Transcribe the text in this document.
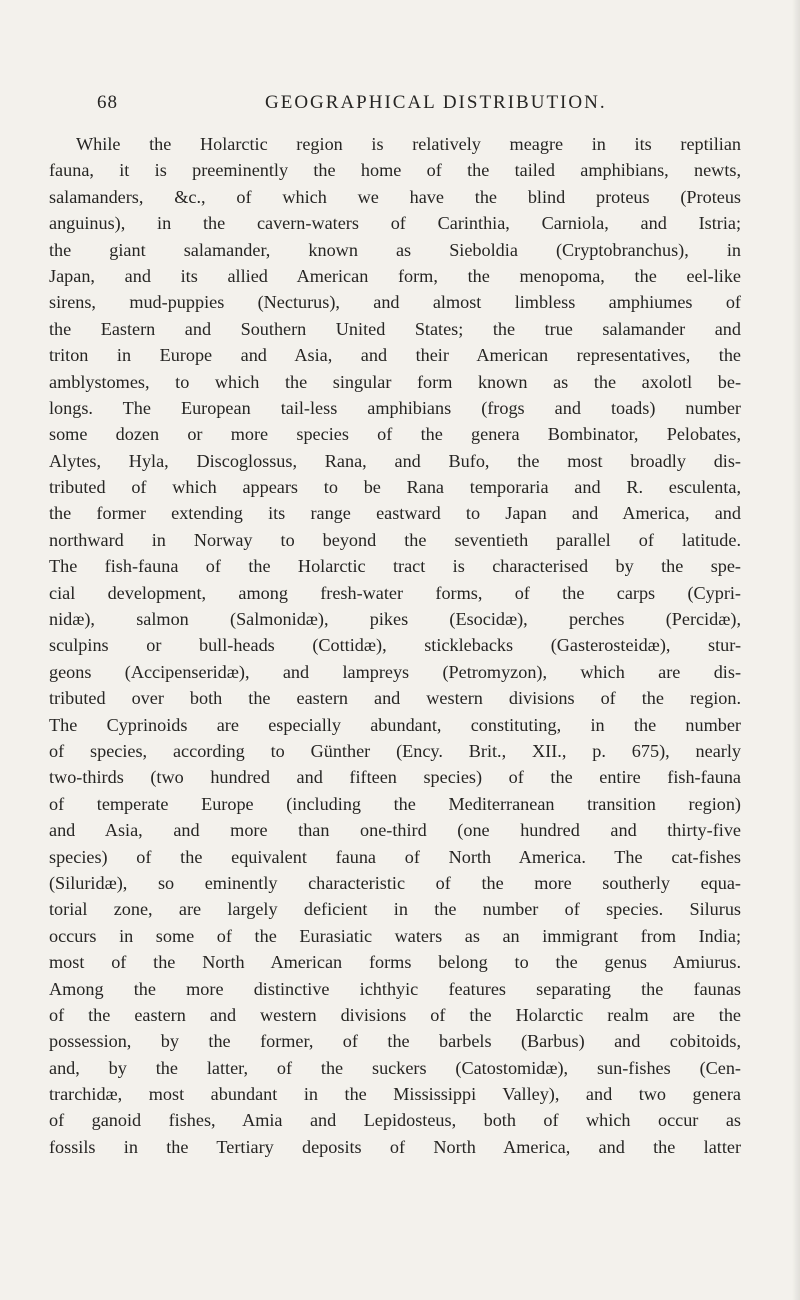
68	GEOGRAPHICAL DISTRIBUTION.
While the Holarctic region is relatively meagre in its reptilian
fauna, it is preeminently the home of the tailed amphibians, newts,
salamanders, &c., of which we have the blind proteus (Proteus
anguinus), in the cavern-waters of Carinthia, Carniola, and Istria;
the giant salamander, known as Sieboldia (Cryptobranchus), in
Japan, and its allied American form, the menopoma, the eel-like
sirens, mud-puppies (Necturus), and almost limbless amphiumes of
the Eastern and Southern United States; the true salamander and
triton in Europe and Asia, and their American representatives, the
amblystomes, to which the singular form known as the axolotl be-
longs. The European tail-less amphibians (frogs and toads) number
some dozen or more species of the genera Bombinator, Pelobates,
Alytes, Hyla, Discoglossus, Rana, and Bufo, the most broadly dis-
tributed of which appears to be Rana temporaria and R. esculenta,
the former extending its range eastward to Japan and America, and
northward in Norway to beyond the seventieth parallel of latitude.
The fish-fauna of the Holarctic tract is characterised by the spe-
cial development, among fresh-water forms, of the carps (Cypri-
nidæ), salmon (Salmonidæ), pikes (Esocidæ), perches (Percidæ),
sculpins or bull-heads (Cottidæ), sticklebacks (Gasterosteidæ), stur-
geons (Accipenseridæ), and lampreys (Petromyzon), which are dis-
tributed over both the eastern and western divisions of the region.
The Cyprinoids are especially abundant, constituting, in the number
of species, according to Günther (Ency. Brit., XII., p. 675), nearly
two-thirds (two hundred and fifteen species) of the entire fish-fauna
of temperate Europe (including the Mediterranean transition region)
and Asia, and more than one-third (one hundred and thirty-five
species) of the equivalent fauna of North America. The cat-fishes
(Siluridæ), so eminently characteristic of the more southerly equa-
torial zone, are largely deficient in the number of species. Silurus
occurs in some of the Eurasiatic waters as an immigrant from India;
most of the North American forms belong to the genus Amiurus.
Among the more distinctive ichthyic features separating the faunas
of the eastern and western divisions of the Holarctic realm are the
possession, by the former, of the barbels (Barbus) and cobitoids,
and, by the latter, of the suckers (Catostomidæ), sun-fishes (Cen-
trarchidæ, most abundant in the Mississippi Valley), and two genera
of ganoid fishes, Amia and Lepidosteus, both of which occur as
fossils in the Tertiary deposits of North America, and the latter
